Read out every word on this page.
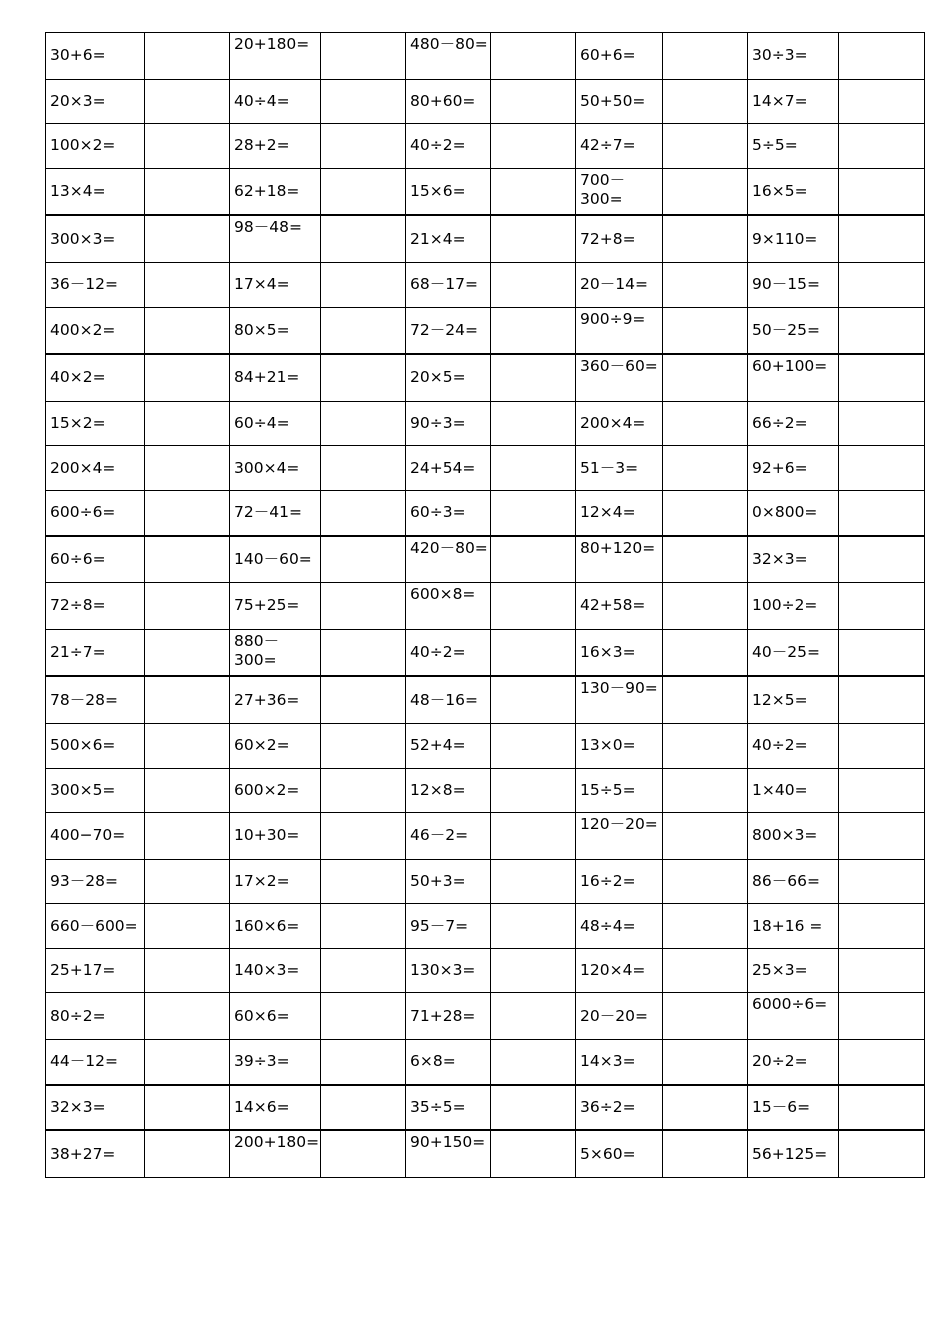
30+6=		20+180=		480－80=		60+6=		30÷3=	
20×3=		40÷4=		80+60=		50+50=		14×7=	
100×2=		28+2=		40÷2=		42÷7=		5÷5=	
13×4=		62+18=		15×6=		700－300=		16×5=	
300×3=		98－48=		21×4=		72+8=		9×110=	
36－12=		17×4=		68－17=		20－14=		90－15=	
400×2=		80×5=		72－24=		900÷9=		50－25=	
40×2=		84+21=		20×5=		360－60=		60+100=	
15×2=		60÷4=		90÷3=		200×4=		66÷2=	
200×4=		300×4=		24+54=		51－3=		92+6=	
600÷6=		72－41=		60÷3=		12×4=		0×800=	
60÷6=		140－60=		420－80=		80+120=		32×3=	
72÷8=		75+25=		600×8=		42+58=		100÷2=	
21÷7=		880－300=		40÷2=		16×3=		40－25=	
78－28=		27+36=		48－16=		130－90=		12×5=	
500×6=		60×2=		52+4=		13×0=		40÷2=	
300×5=		600×2=		12×8=		15÷5=		1×40=	
400−70=		10+30=		46－2=		120－20=		800×3=	
93－28=		17×2=		50+3=		16÷2=		86－66=	
660－600=		160×6=		95－7=		48÷4=		18+16 =	
25+17=		140×3=		130×3=		120×4=		25×3=	
80÷2=		60×6=		71+28=		20－20=		6000÷6=	
44－12=		39÷3=		6×8=		14×3=		20÷2=	
32×3=		14×6=		35÷5=		36÷2=		15－6=	
38+27=		200+180=		90+150=		5×60=		56+125=	
